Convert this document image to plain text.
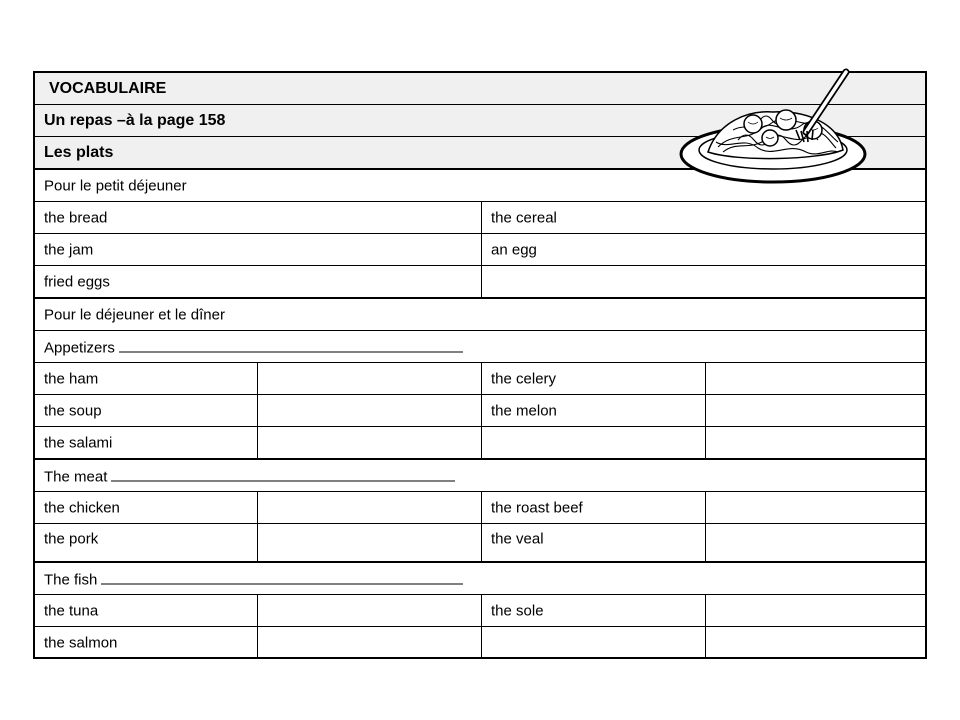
VOCABULAIRE
Un repas –à la page 158
Les plats
Pour le petit déjeuner
the bread	the cereal
the jam	an egg
fried eggs
Pour le déjeuner et le dîner
Appetizers
the ham	the celery
the soup	the melon
the salami
The meat
the chicken	the roast beef
the pork	the veal
The fish
the tuna	the sole
the salmon
